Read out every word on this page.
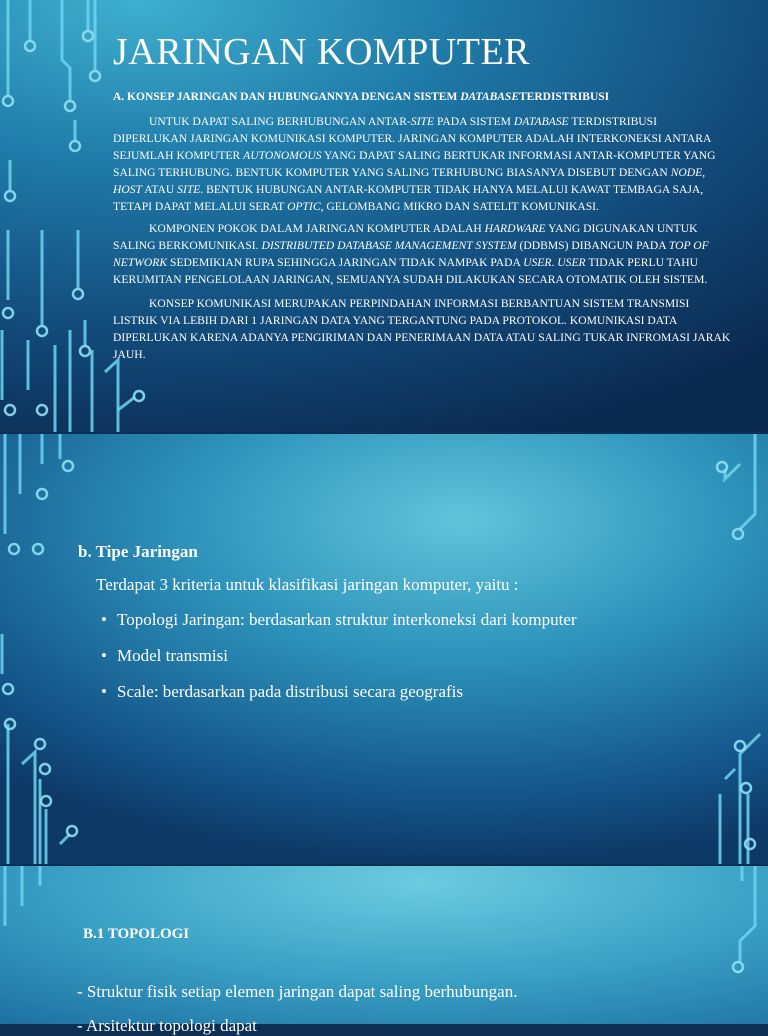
JARINGAN KOMPUTER
A. KONSEP JARINGAN DAN HUBUNGANNYA DENGAN SISTEM DATABASETERDISTRIBUSI
UNTUK DAPAT SALING BERHUBUNGAN ANTAR-SITE PADA SISTEM DATABASE TERDISTRIBUSI DIPERLUKAN JARINGAN KOMUNIKASI KOMPUTER. JARINGAN KOMPUTER ADALAH INTERKONEKSI ANTARA SEJUMLAH KOMPUTER AUTONOMOUS YANG DAPAT SALING BERTUKAR INFORMASI ANTAR-KOMPUTER YANG SALING TERHUBUNG. BENTUK KOMPUTER YANG SALING TERHUBUNG BIASANYA DISEBUT DENGAN NODE, HOST ATAU SITE. BENTUK HUBUNGAN ANTAR-KOMPUTER TIDAK HANYA MELALUI KAWAT TEMBAGA SAJA, TETAPI DAPAT MELALUI SERAT OPTIC, GELOMBANG MIKRO DAN SATELIT KOMUNIKASI.
KOMPONEN POKOK DALAM JARINGAN KOMPUTER ADALAH HARDWARE YANG DIGUNAKAN UNTUK SALING BERKOMUNIKASI. DISTRIBUTED DATABASE MANAGEMENT SYSTEM (DDBMS) DIBANGUN PADA TOP OF NETWORK SEDEMIKIAN RUPA SEHINGGA JARINGAN TIDAK NAMPAK PADA USER. USER TIDAK PERLU TAHU KERUMITAN PENGELOLAAN JARINGAN, SEMUANYA SUDAH DILAKUKAN SECARA OTOMATIK OLEH SISTEM.
KONSEP KOMUNIKASI MERUPAKAN PERPINDAHAN INFORMASI BERBANTUAN SISTEM TRANSMISI LISTRIK VIA LEBIH DARI 1 JARINGAN DATA YANG TERGANTUNG PADA PROTOKOL. KOMUNIKASI DATA DIPERLUKAN KARENA ADANYA PENGIRIMAN DAN PENERIMAAN DATA ATAU SALING TUKAR INFROMASI JARAK JAUH.
b. Tipe Jaringan
Terdapat 3 kriteria untuk klasifikasi jaringan komputer, yaitu :
• Topologi Jaringan: berdasarkan struktur interkoneksi dari komputer
• Model transmisi
• Scale: berdasarkan pada distribusi secara geografis
B.1 TOPOLOGI
- Struktur fisik setiap elemen jaringan dapat saling berhubungan.
- Arsitektur topologi dapat
